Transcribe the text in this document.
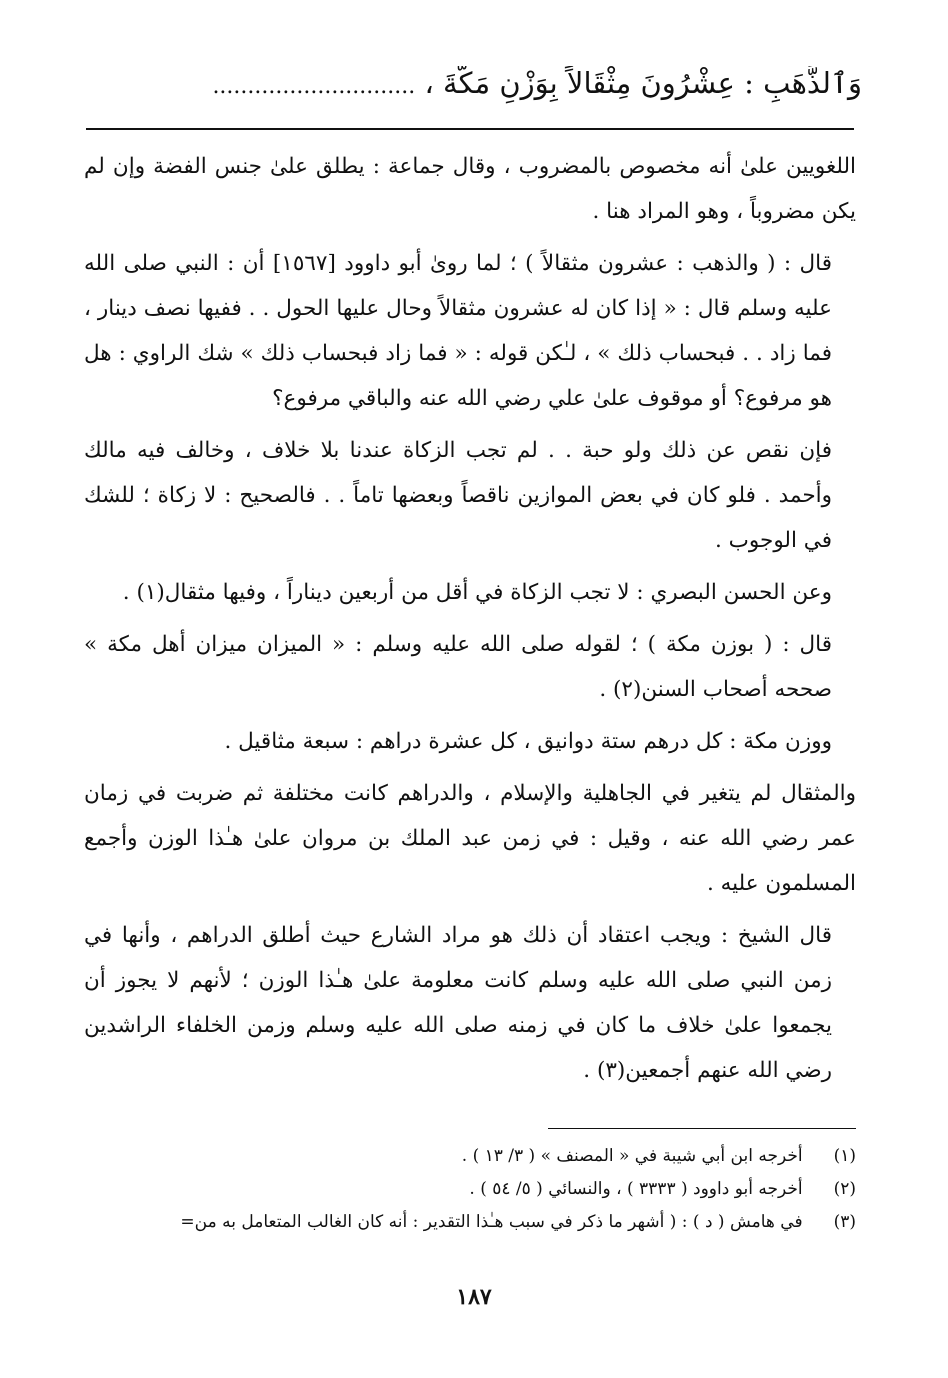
وَٱلذَّهَبِ : عِشْرُونَ مِثْقَالاً بِوَزْنِ مَكَّةَ ، .............................

اللغويين علىٰ أنه مخصوص بالمضروب ، وقال جماعة : يطلق علىٰ جنس الفضة وإن لم يكن مضروباً ، وهو المراد هنا .

قال : ( والذهب : عشرون مثقالاً ) ؛ لما روىٰ أبو داوود [١٥٦٧] أن : النبي صلى الله عليه وسلم قال : « إذا كان له عشرون مثقالاً وحال عليها الحول . . ففيها نصف دينار ، فما زاد . . فبحساب ذلك » ، لـٰكن قوله : « فما زاد فبحساب ذلك » شك الراوي : هل هو مرفوع؟ أو موقوف علىٰ علي رضي الله عنه والباقي مرفوع؟

فإن نقص عن ذلك ولو حبة . . لم تجب الزكاة عندنا بلا خلاف ، وخالف فيه مالك وأحمد . فلو كان في بعض الموازين ناقصاً وبعضها تاماً . . فالصحيح : لا زكاة ؛ للشك في الوجوب .

وعن الحسن البصري : لا تجب الزكاة في أقل من أربعين ديناراً ، وفيها مثقال(١) .

قال : ( بوزن مكة ) ؛ لقوله صلى الله عليه وسلم : « الميزان ميزان أهل مكة » صححه أصحاب السنن(٢) .

ووزن مكة : كل درهم ستة دوانيق ، كل عشرة دراهم : سبعة مثاقيل .

والمثقال لم يتغير في الجاهلية والإسلام ، والدراهم كانت مختلفة ثم ضربت في زمان عمر رضي الله عنه ، وقيل : في زمن عبد الملك بن مروان علىٰ هـٰذا الوزن وأجمع المسلمون عليه .

قال الشيخ : ويجب اعتقاد أن ذلك هو مراد الشارع حيث أطلق الدراهم ، وأنها في زمن النبي صلى الله عليه وسلم كانت معلومة علىٰ هـٰذا الوزن ؛ لأنهم لا يجوز أن يجمعوا علىٰ خلاف ما كان في زمنه صلى الله عليه وسلم وزمن الخلفاء الراشدين رضي الله عنهم أجمعين(٣) .

(١) أخرجه ابن أبي شيبة في « المصنف » ( ٣/ ١٣ ) .
(٢) أخرجه أبو داوود ( ٣٣٣٣ ) ، والنسائي ( ٥/ ٥٤ ) .
(٣) في هامش ( د ) : ( أشهر ما ذكر في سبب هـٰذا التقدير : أنه كان الغالب المتعامل به من=
١٨٧
